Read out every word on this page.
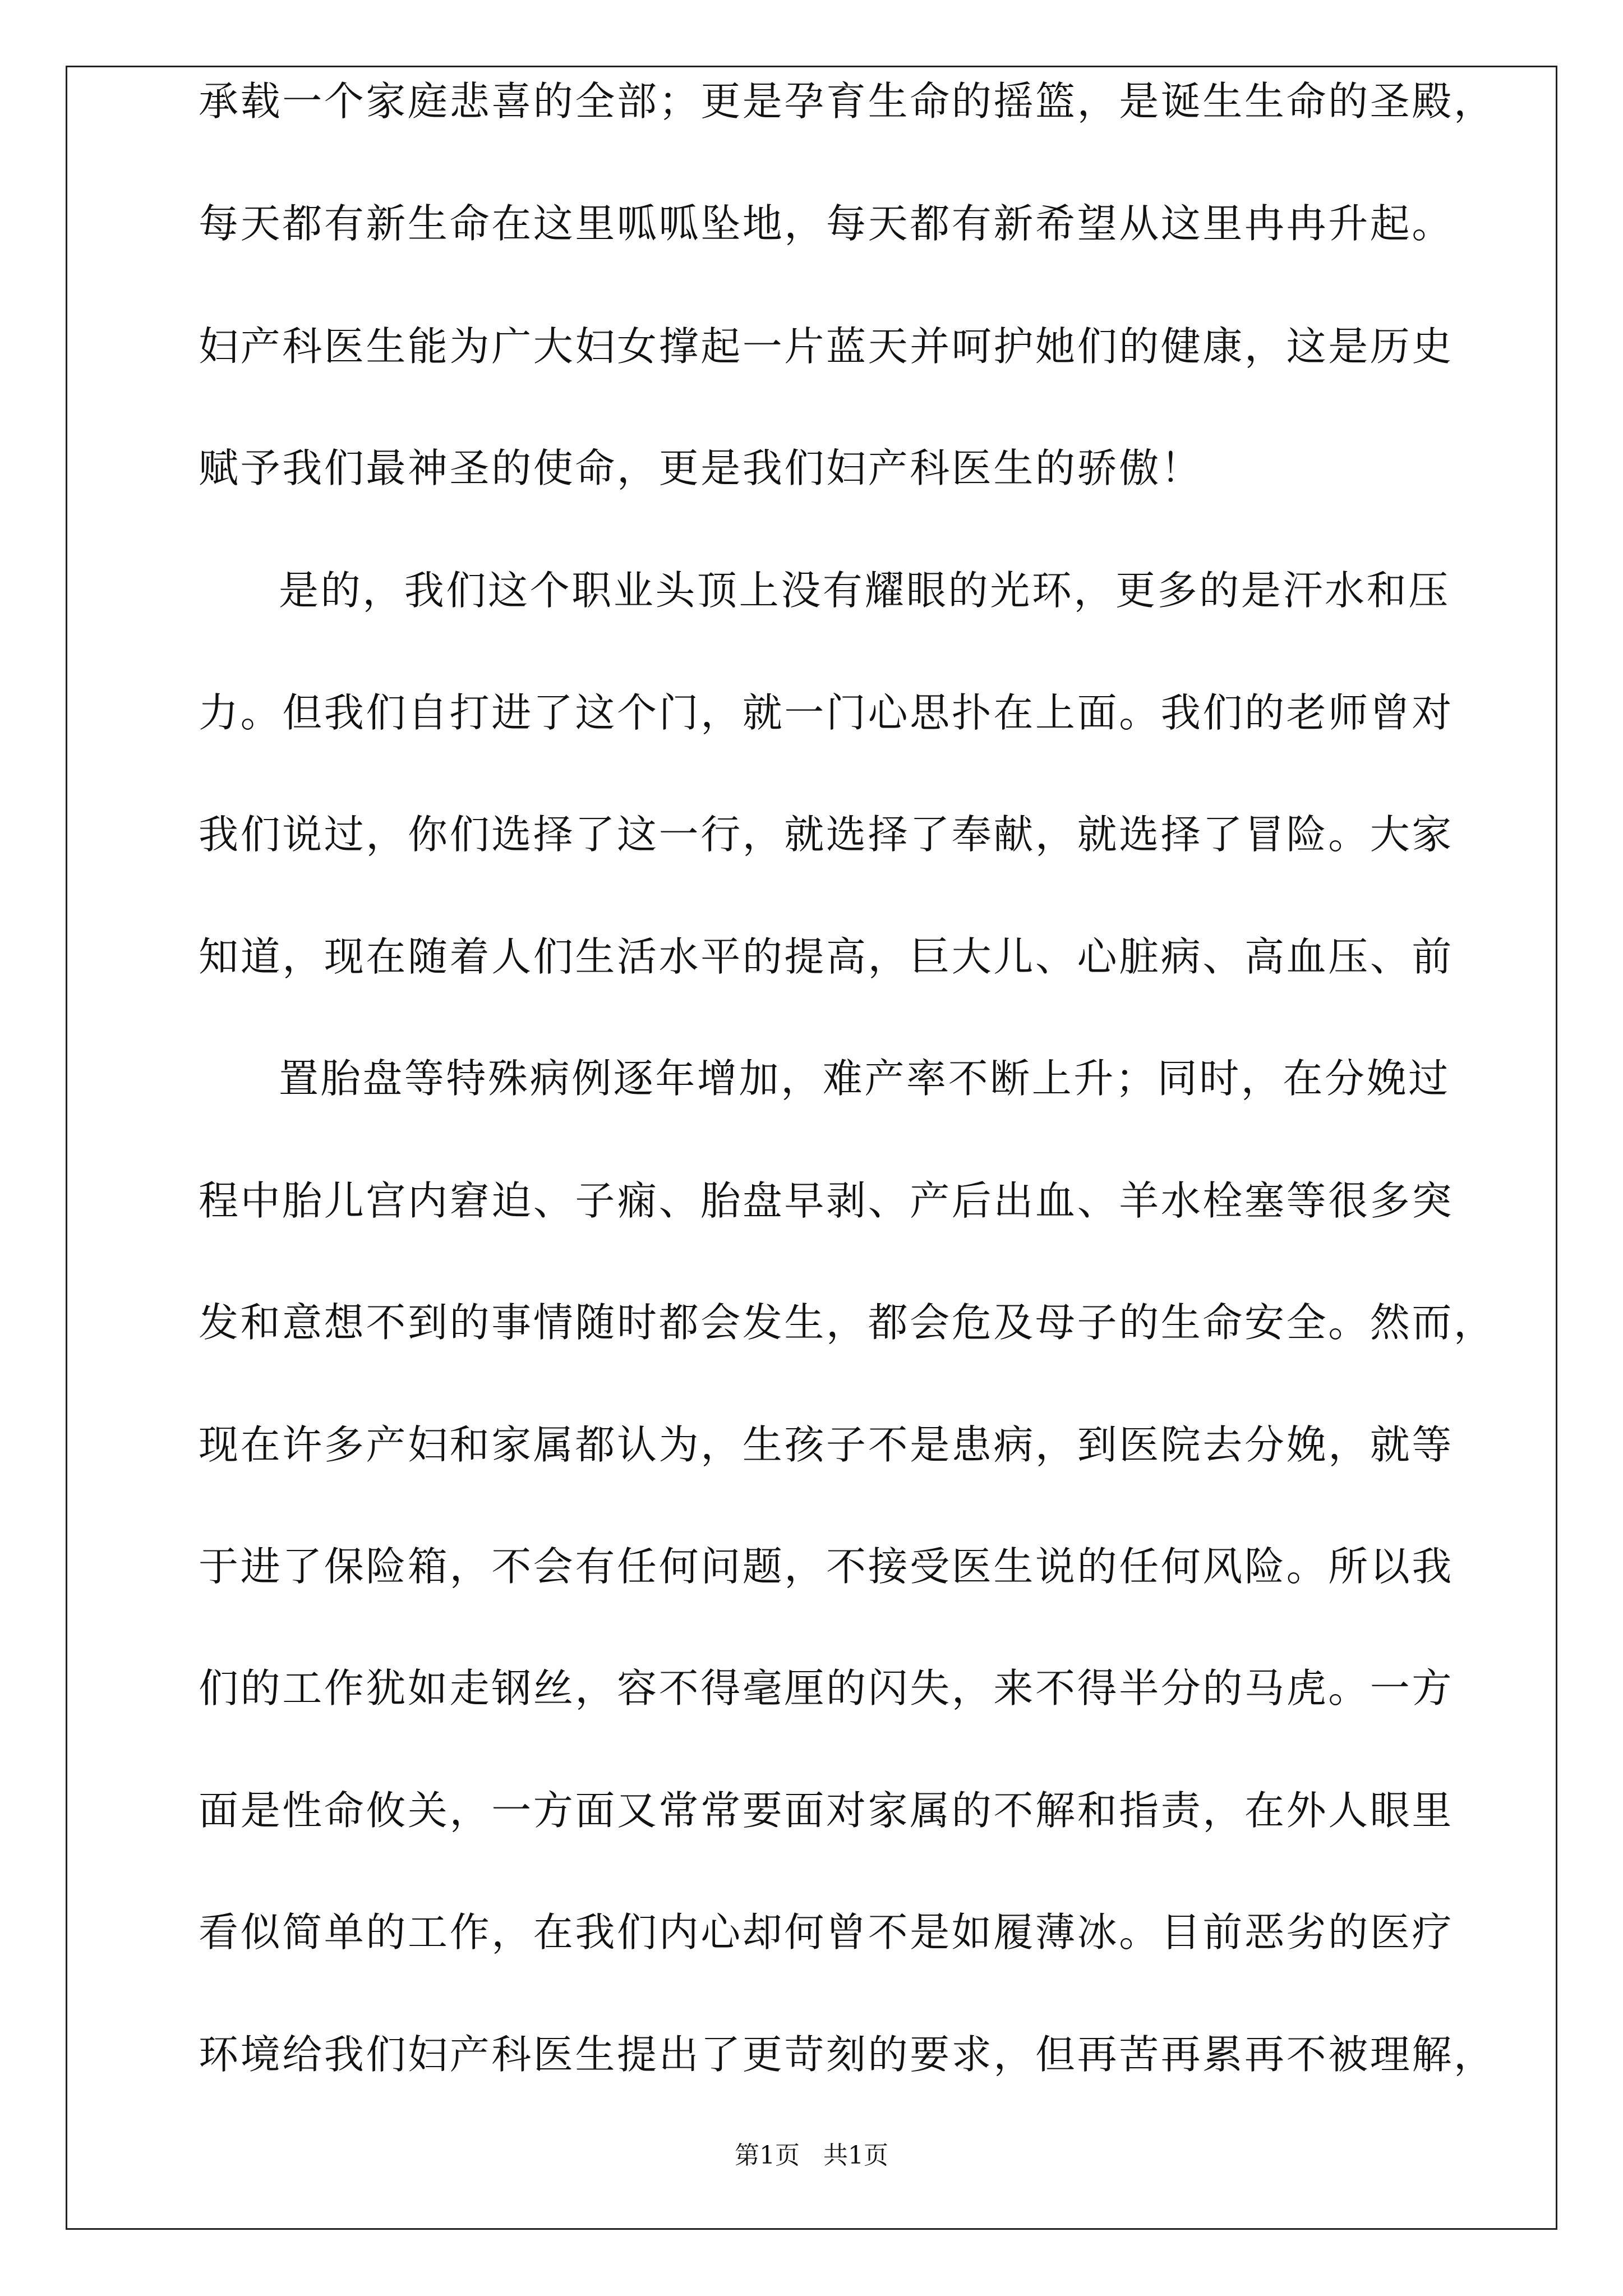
承载一个家庭悲喜的全部；更是孕育生命的摇篮，是诞生生命的圣殿，
每天都有新生命在这里呱呱坠地，每天都有新希望从这里冉冉升起。
妇产科医生能为广大妇女撑起一片蓝天并呵护她们的健康，这是历史
赋予我们最神圣的使命，更是我们妇产科医生的骄傲！
是的，我们这个职业头顶上没有耀眼的光环，更多的是汗水和压
力。但我们自打进了这个门，就一门心思扑在上面。我们的老师曾对
我们说过，你们选择了这一行，就选择了奉献，就选择了冒险。大家
知道，现在随着人们生活水平的提高，巨大儿、心脏病、高血压、前
置胎盘等特殊病例逐年增加，难产率不断上升；同时，在分娩过
程中胎儿宫内窘迫、子痫、胎盘早剥、产后出血、羊水栓塞等很多突
发和意想不到的事情随时都会发生，都会危及母子的生命安全。然而，
现在许多产妇和家属都认为，生孩子不是患病，到医院去分娩，就等
于进了保险箱，不会有任何问题，不接受医生说的任何风险。所以我
们的工作犹如走钢丝，容不得毫厘的闪失，来不得半分的马虎。一方
面是性命攸关，一方面又常常要面对家属的不解和指责，在外人眼里
看似简单的工作，在我们内心却何曾不是如履薄冰。目前恶劣的医疗
环境给我们妇产科医生提出了更苛刻的要求，但再苦再累再不被理解，
第1页   共1页
